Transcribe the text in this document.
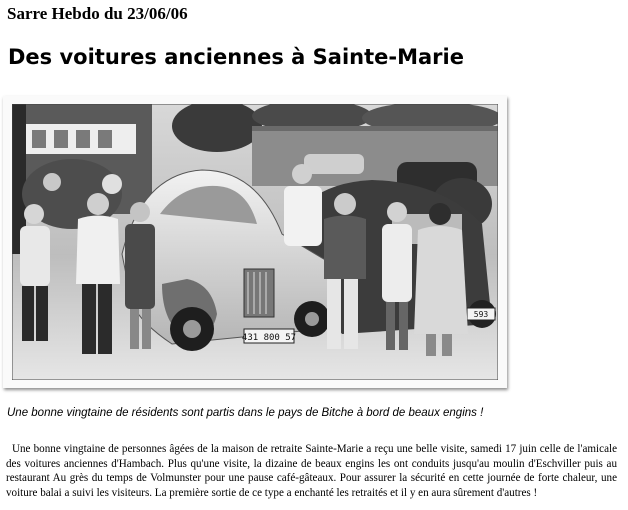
Sarre Hebdo du 23/06/06
Des voitures anciennes à Sainte-Marie
431 800 57
593
Une bonne vingtaine de résidents sont partis dans le pays de Bitche à bord de beaux engins !

Une bonne vingtaine de personnes âgées de la maison de retraite Sainte-Marie a reçu une belle visite, samedi 17 juin celle de l'amicale des voitures anciennes d'Hambach. Plus qu'une visite, la dizaine de beaux engins les ont conduits jusqu'au moulin d'Eschviller puis au restaurant Au grès du temps de Volmunster pour une pause café-gâteaux. Pour assurer la sécurité en cette journée de forte chaleur, une voiture balai a suivi les visiteurs. La première sortie de ce type a enchanté les retraités et il y en aura sûrement d'autres !
